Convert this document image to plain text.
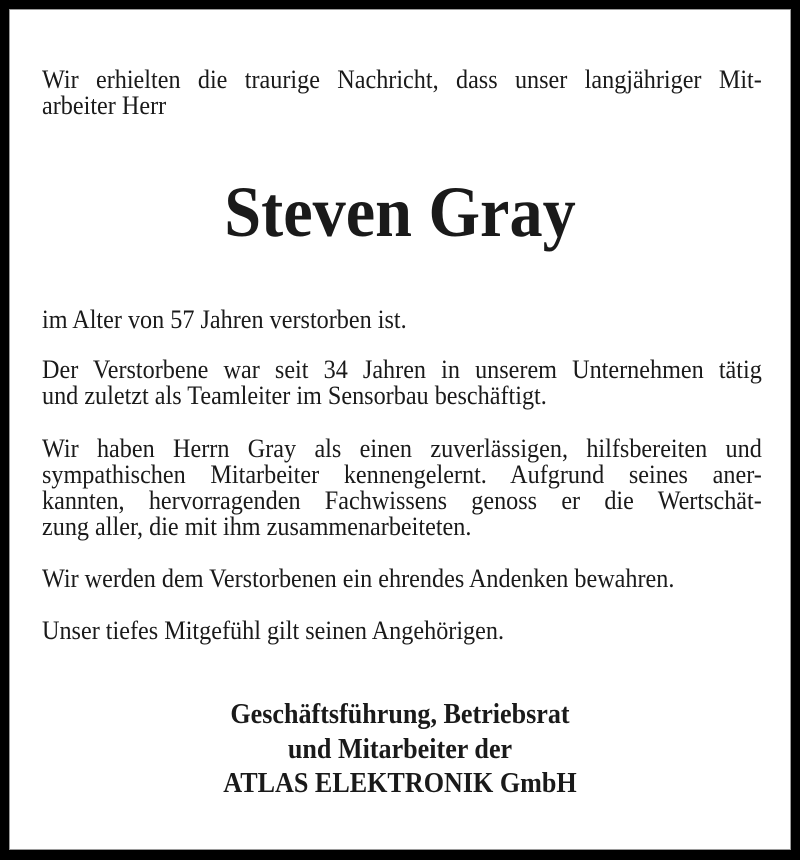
Wir erhielten die traurige Nachricht, dass unser langjähriger Mit-
arbeiter Herr
Steven Gray
im Alter von 57 Jahren verstorben ist.
Der Verstorbene war seit 34 Jahren in unserem Unternehmen tätig
und zuletzt als Teamleiter im Sensorbau beschäftigt.
Wir haben Herrn Gray als einen zuverlässigen, hilfsbereiten und
sympathischen Mitarbeiter kennengelernt. Aufgrund seines aner-
kannten, hervorragenden Fachwissens genoss er die Wertschät-
zung aller, die mit ihm zusammenarbeiteten.
Wir werden dem Verstorbenen ein ehrendes Andenken bewahren.
Unser tiefes Mitgefühl gilt seinen Angehörigen.
Geschäftsführung, Betriebsrat
und Mitarbeiter der
ATLAS ELEKTRONIK GmbH
